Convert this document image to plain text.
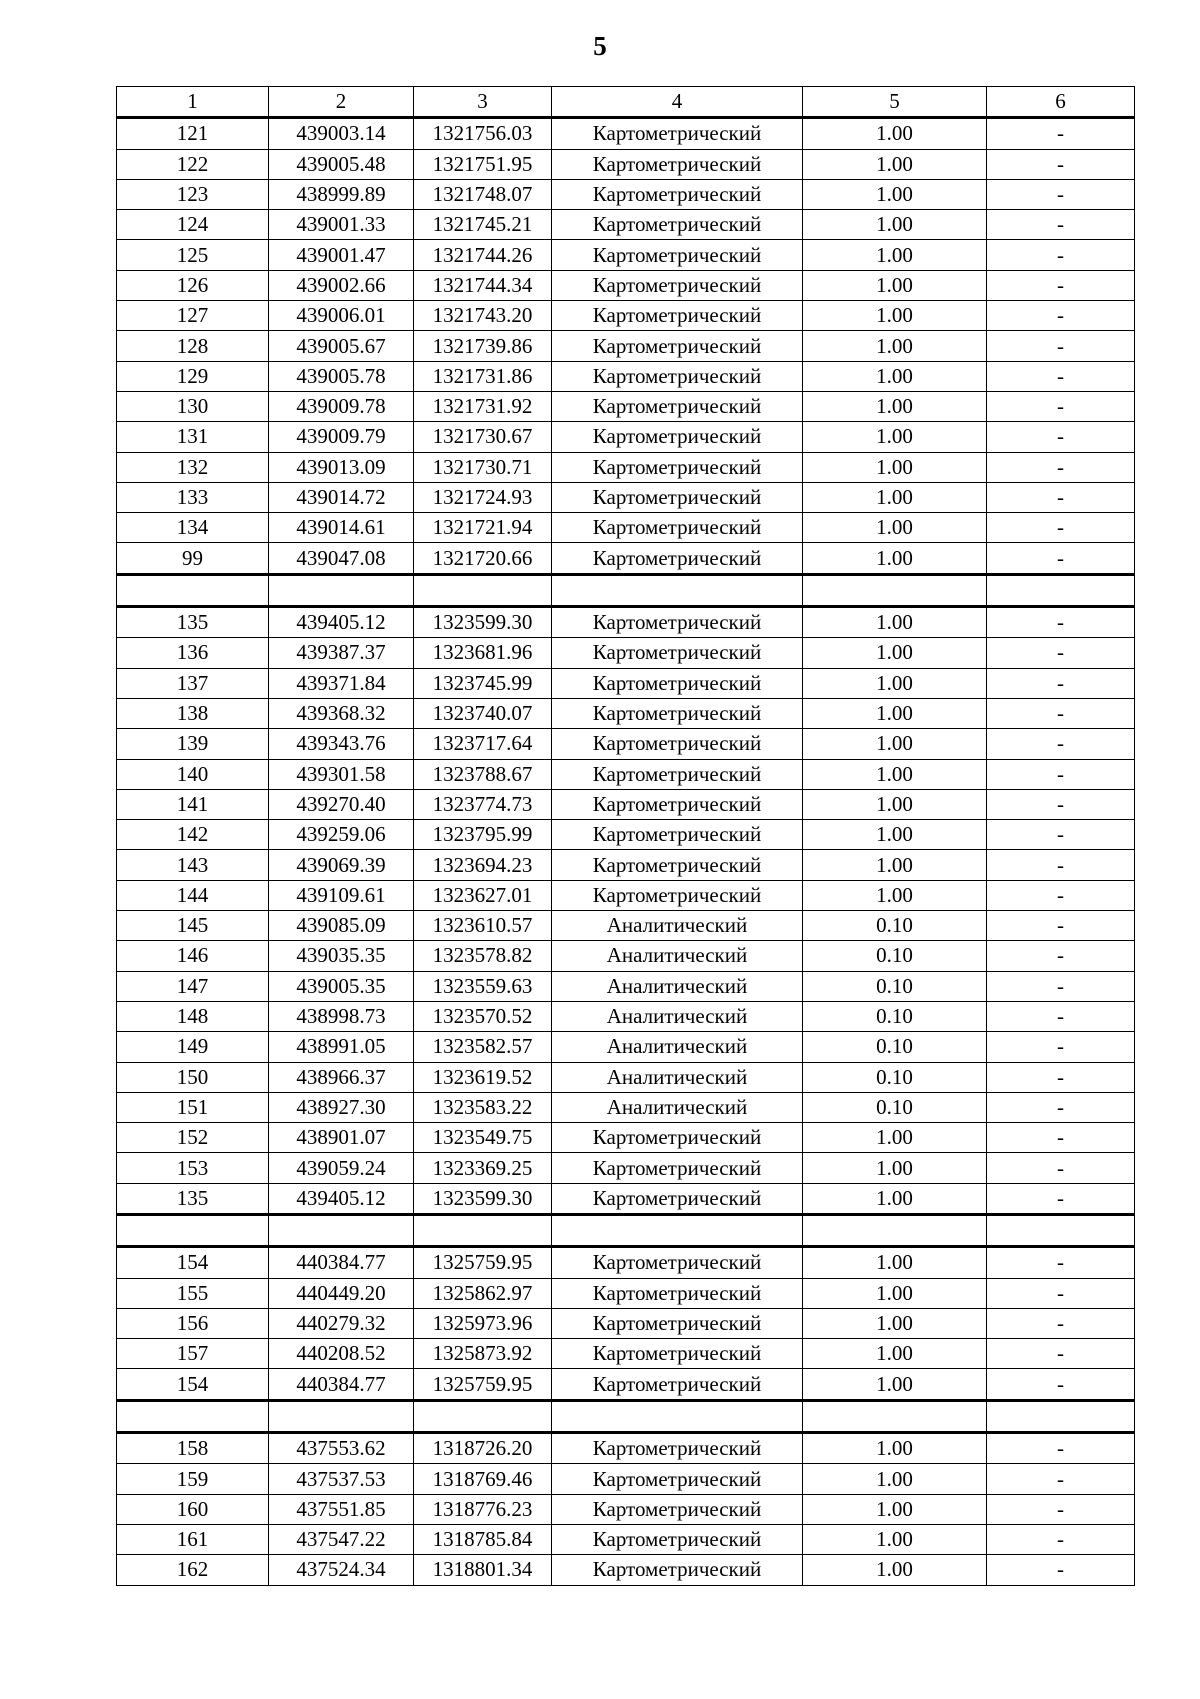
5
1	2	3	4	5	6
121	439003.14	1321756.03	Картометрический	1.00	-
122	439005.48	1321751.95	Картометрический	1.00	-
123	438999.89	1321748.07	Картометрический	1.00	-
124	439001.33	1321745.21	Картометрический	1.00	-
125	439001.47	1321744.26	Картометрический	1.00	-
126	439002.66	1321744.34	Картометрический	1.00	-
127	439006.01	1321743.20	Картометрический	1.00	-
128	439005.67	1321739.86	Картометрический	1.00	-
129	439005.78	1321731.86	Картометрический	1.00	-
130	439009.78	1321731.92	Картометрический	1.00	-
131	439009.79	1321730.67	Картометрический	1.00	-
132	439013.09	1321730.71	Картометрический	1.00	-
133	439014.72	1321724.93	Картометрический	1.00	-
134	439014.61	1321721.94	Картометрический	1.00	-
99	439047.08	1321720.66	Картометрический	1.00	-

135	439405.12	1323599.30	Картометрический	1.00	-
136	439387.37	1323681.96	Картометрический	1.00	-
137	439371.84	1323745.99	Картометрический	1.00	-
138	439368.32	1323740.07	Картометрический	1.00	-
139	439343.76	1323717.64	Картометрический	1.00	-
140	439301.58	1323788.67	Картометрический	1.00	-
141	439270.40	1323774.73	Картометрический	1.00	-
142	439259.06	1323795.99	Картометрический	1.00	-
143	439069.39	1323694.23	Картометрический	1.00	-
144	439109.61	1323627.01	Картометрический	1.00	-
145	439085.09	1323610.57	Аналитический	0.10	-
146	439035.35	1323578.82	Аналитический	0.10	-
147	439005.35	1323559.63	Аналитический	0.10	-
148	438998.73	1323570.52	Аналитический	0.10	-
149	438991.05	1323582.57	Аналитический	0.10	-
150	438966.37	1323619.52	Аналитический	0.10	-
151	438927.30	1323583.22	Аналитический	0.10	-
152	438901.07	1323549.75	Картометрический	1.00	-
153	439059.24	1323369.25	Картометрический	1.00	-
135	439405.12	1323599.30	Картометрический	1.00	-

154	440384.77	1325759.95	Картометрический	1.00	-
155	440449.20	1325862.97	Картометрический	1.00	-
156	440279.32	1325973.96	Картометрический	1.00	-
157	440208.52	1325873.92	Картометрический	1.00	-
154	440384.77	1325759.95	Картометрический	1.00	-

158	437553.62	1318726.20	Картометрический	1.00	-
159	437537.53	1318769.46	Картометрический	1.00	-
160	437551.85	1318776.23	Картометрический	1.00	-
161	437547.22	1318785.84	Картометрический	1.00	-
162	437524.34	1318801.34	Картометрический	1.00	-
